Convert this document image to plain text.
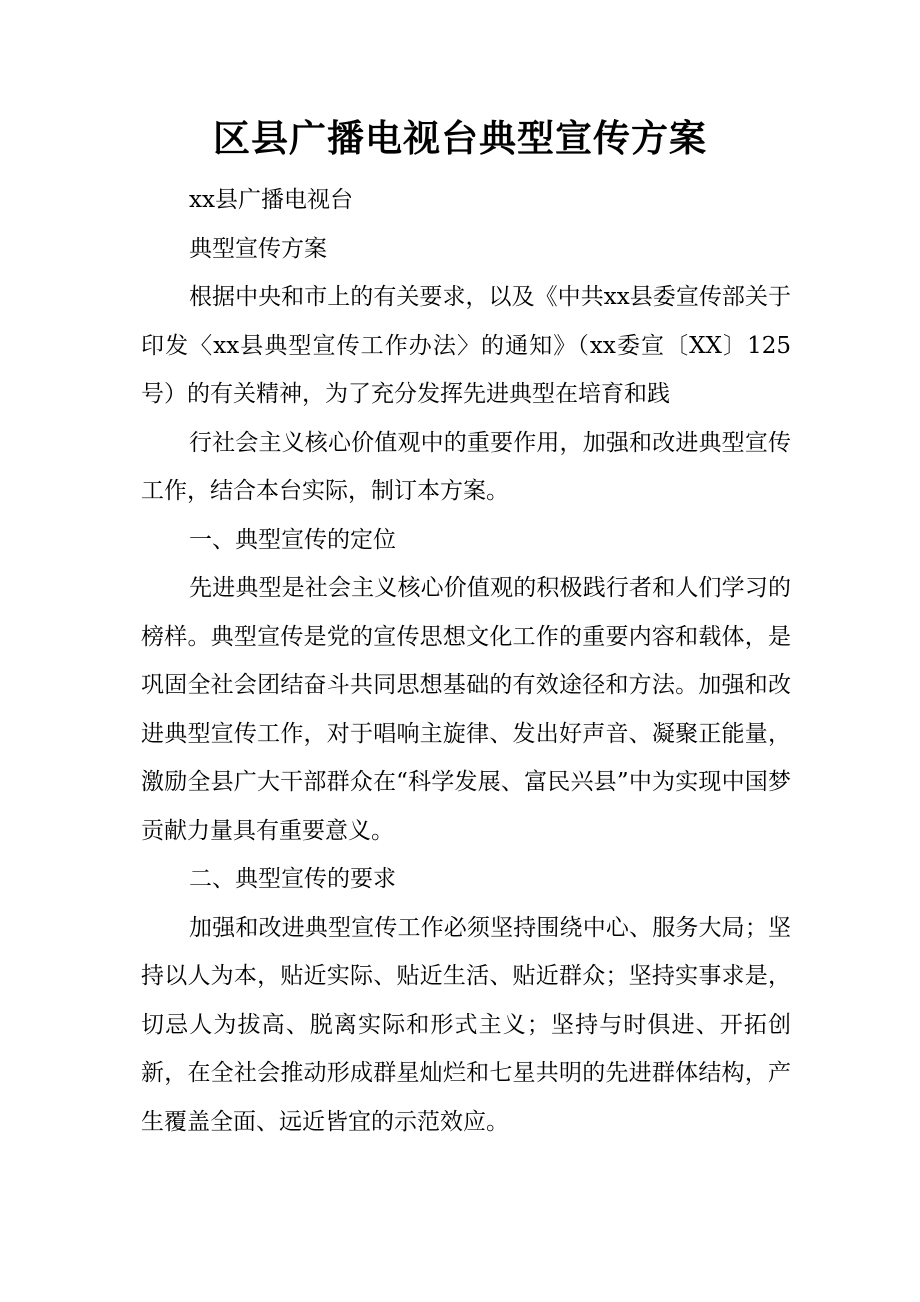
区县广播电视台典型宣传方案

xx县广播电视台

典型宣传方案

根据中央和市上的有关要求，以及《中共xx县委宣传部关于印发〈xx县典型宣传工作办法〉的通知》（xx委宣〔XX〕125号）的有关精神，为了充分发挥先进典型在培育和践

行社会主义核心价值观中的重要作用，加强和改进典型宣传工作，结合本台实际，制订本方案。

一、典型宣传的定位

先进典型是社会主义核心价值观的积极践行者和人们学习的榜样。典型宣传是党的宣传思想文化工作的重要内容和载体，是巩固全社会团结奋斗共同思想基础的有效途径和方法。加强和改进典型宣传工作，对于唱响主旋律、发出好声音、凝聚正能量，激励全县广大干部群众在“科学发展、富民兴县”中为实现中国梦贡献力量具有重要意义。

二、典型宣传的要求

加强和改进典型宣传工作必须坚持围绕中心、服务大局；坚持以人为本，贴近实际、贴近生活、贴近群众；坚持实事求是，切忌人为拔高、脱离实际和形式主义；坚持与时俱进、开拓创新，在全社会推动形成群星灿烂和七星共明的先进群体结构，产生覆盖全面、远近皆宜的示范效应。
